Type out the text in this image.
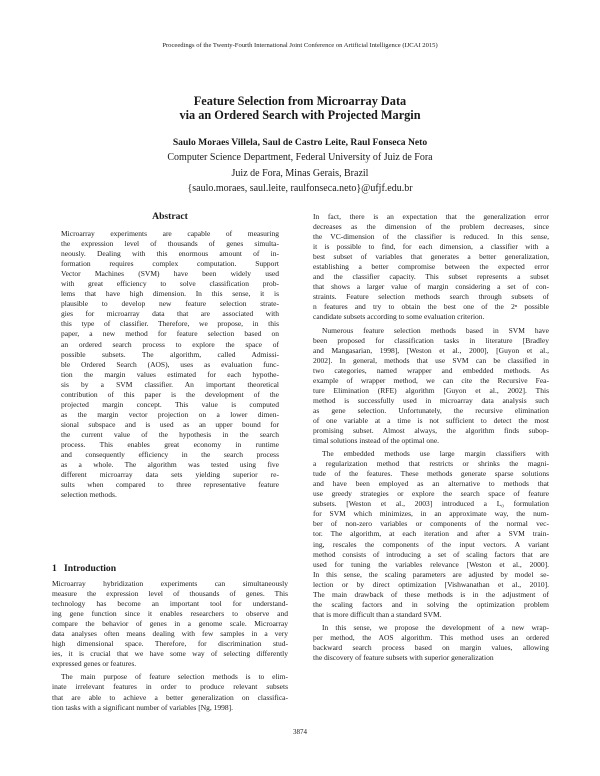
Proceedings of the Twenty-Fourth International Joint Conference on Artificial Intelligence (IJCAI 2015)
Feature Selection from Microarray Data
via an Ordered Search with Projected Margin
Saulo Moraes Villela, Saul de Castro Leite, Raul Fonseca Neto
Computer Science Department, Federal University of Juiz de Fora
Juiz de Fora, Minas Gerais, Brazil
{saulo.moraes, saul.leite, raulfonseca.neto}@ufjf.edu.br
Abstract
Microarray experiments are capable of measuring
the expression level of thousands of genes simulta-
neously. Dealing with this enormous amount of in-
formation requires complex computation. Support
Vector Machines (SVM) have been widely used
with great efficiency to solve classification prob-
lems that have high dimension. In this sense, it is
plausible to develop new feature selection strate-
gies for microarray data that are associated with
this type of classifier. Therefore, we propose, in this
paper, a new method for feature selection based on
an ordered search process to explore the space of
possible subsets. The algorithm, called Admissi-
ble Ordered Search (AOS), uses as evaluation func-
tion the margin values estimated for each hypothe-
sis by a SVM classifier. An important theoretical
contribution of this paper is the development of the
projected margin concept. This value is computed
as the margin vector projection on a lower dimen-
sional subspace and is used as an upper bound for
the current value of the hypothesis in the search
process. This enables great economy in runtime
and consequently efficiency in the search process
as a whole. The algorithm was tested using five
different microarray data sets yielding superior re-
sults when compared to three representative feature
selection methods.
1 Introduction
Microarray hybridization experiments can simultaneously
measure the expression level of thousands of genes. This
technology has become an important tool for understand-
ing gene function since it enables researchers to observe and
compare the behavior of genes in a genome scale. Microarray
data analyses often means dealing with few samples in a very
high dimensional space. Therefore, for discrimination stud-
ies, it is crucial that we have some way of selecting differently
expressed genes or features.
The main purpose of feature selection methods is to elim-
inate irrelevant features in order to produce relevant subsets
that are able to achieve a better generalization on classifica-
tion tasks with a significant number of variables [Ng, 1998].
In fact, there is an expectation that the generalization error
decreases as the dimension of the problem decreases, since
the VC-dimension of the classifier is reduced. In this sense,
it is possible to find, for each dimension, a classifier with a
best subset of variables that generates a better generalization,
establishing a better compromise between the expected error
and the classifier capacity. This subset represents a subset
that shows a larger value of margin considering a set of con-
straints. Feature selection methods search through subsets of
n features and try to obtain the best one of the 2ⁿ possible
candidate subsets according to some evaluation criterion.
Numerous feature selection methods based in SVM have
been proposed for classification tasks in literature [Bradley
and Mangasarian, 1998], [Weston et al., 2000], [Guyon et al.,
2002]. In general, methods that use SVM can be classified in
two categories, named wrapper and embedded methods. As
example of wrapper method, we can cite the Recursive Fea-
ture Elimination (RFE) algorithm [Guyon et al., 2002]. This
method is successfully used in microarray data analysis such
as gene selection. Unfortunately, the recursive elimination
of one variable at a time is not sufficient to detect the most
promising subset. Almost always, the algorithm finds subop-
timal solutions instead of the optimal one.
The embedded methods use large margin classifiers with
a regularization method that restricts or shrinks the magni-
tude of the features. These methods generate sparse solutions
and have been employed as an alternative to methods that
use greedy strategies or explore the search space of feature
subsets. [Weston et al., 2003] introduced a L₀ formulation
for SVM which minimizes, in an approximate way, the num-
ber of non-zero variables or components of the normal vec-
tor. The algorithm, at each iteration and after a SVM train-
ing, rescales the components of the input vectors. A variant
method consists of introducing a set of scaling factors that are
used for tuning the variables relevance [Weston et al., 2000].
In this sense, the scaling parameters are adjusted by model se-
lection or by direct optimization [Vishwanathan et al., 2010].
The main drawback of these methods is in the adjustment of
the scaling factors and in solving the optimization problem
that is more difficult than a standard SVM.
In this sense, we propose the development of a new wrap-
per method, the AOS algorithm. This method uses an ordered
backward search process based on margin values, allowing
the discovery of feature subsets with superior generalization
3874
